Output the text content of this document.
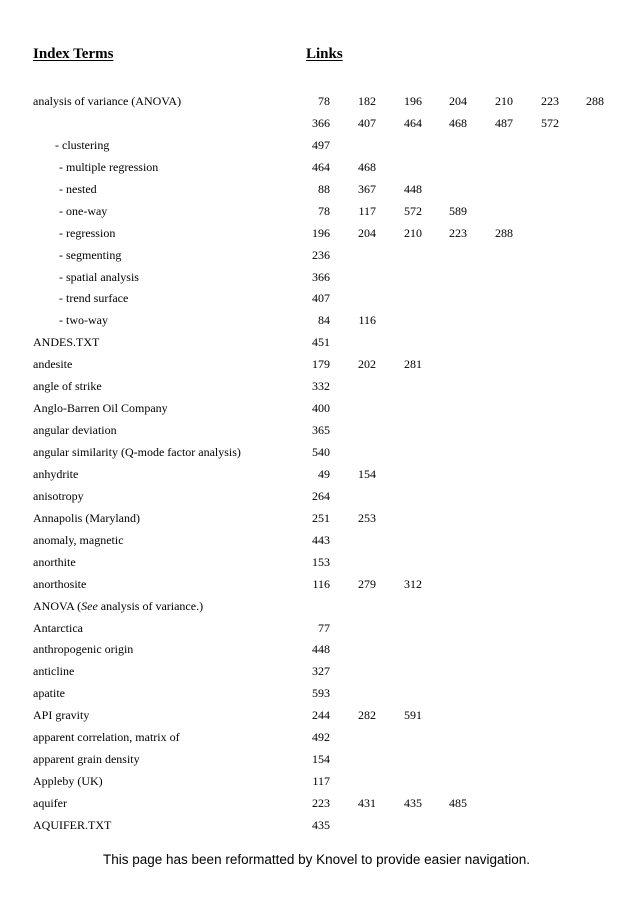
Index Terms	Links
analysis of variance (ANOVA)	78	182	196	204	210	223	288
366	407	464	468	487	572
- clustering	497
- multiple regression	464	468
- nested	88	367	448
- one-way	78	117	572	589
- regression	196	204	210	223	288
- segmenting	236
- spatial analysis	366
- trend surface	407
- two-way	84	116
ANDES.TXT	451
andesite	179	202	281
angle of strike	332
Anglo-Barren Oil Company	400
angular deviation	365
angular similarity (Q-mode factor analysis)	540
anhydrite	49	154
anisotropy	264
Annapolis (Maryland)	251	253
anomaly, magnetic	443
anorthite	153
anorthosite	116	279	312
ANOVA (See analysis of variance.)
Antarctica	77
anthropogenic origin	448
anticline	327
apatite	593
API gravity	244	282	591
apparent correlation, matrix of	492
apparent grain density	154
Appleby (UK)	117
aquifer	223	431	435	485
AQUIFER.TXT	435
This page has been reformatted by Knovel to provide easier navigation.
